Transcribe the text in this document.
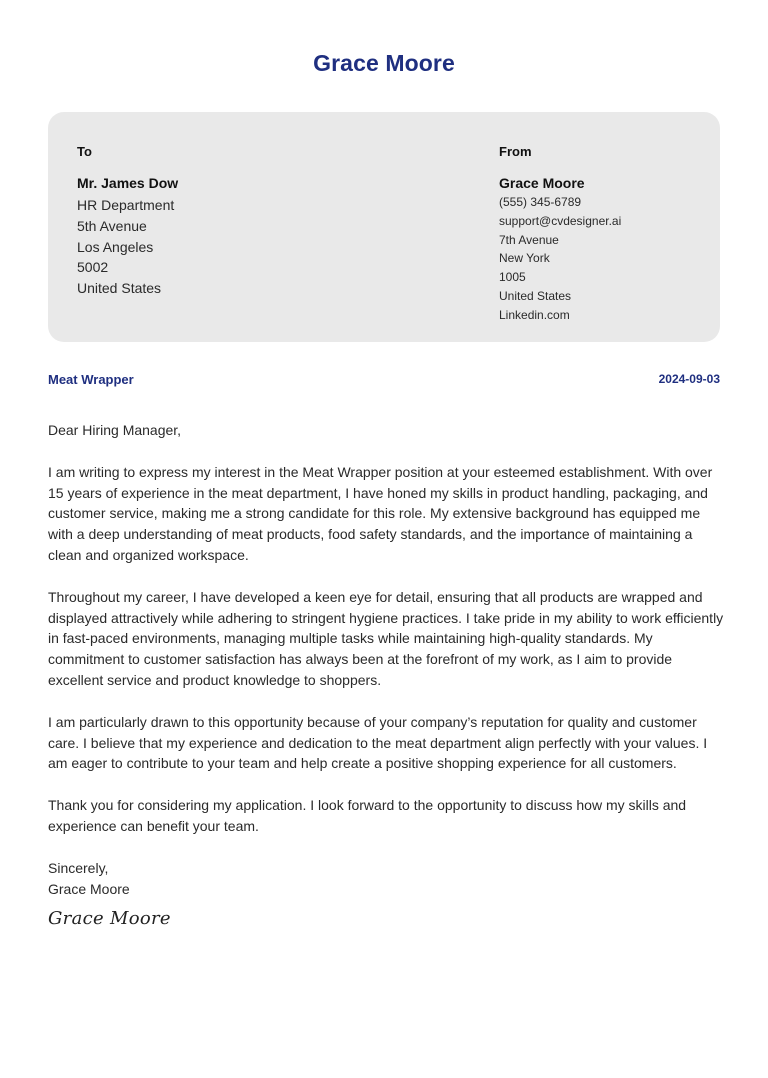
Grace Moore
To
Mr. James Dow
HR Department
5th Avenue
Los Angeles
5002
United States
From
Grace Moore
(555) 345-6789
support@cvdesigner.ai
7th Avenue
New York
1005
United States
Linkedin.com
Meat Wrapper	2024-09-03

Dear Hiring Manager,

I am writing to express my interest in the Meat Wrapper position at your esteemed establishment. With over 15 years of experience in the meat department, I have honed my skills in product handling, packaging, and customer service, making me a strong candidate for this role. My extensive background has equipped me with a deep understanding of meat products, food safety standards, and the importance of maintaining a clean and organized workspace.

Throughout my career, I have developed a keen eye for detail, ensuring that all products are wrapped and displayed attractively while adhering to stringent hygiene practices. I take pride in my ability to work efficiently in fast-paced environments, managing multiple tasks while maintaining high-quality standards. My commitment to customer satisfaction has always been at the forefront of my work, as I aim to provide excellent service and product knowledge to shoppers.

I am particularly drawn to this opportunity because of your company’s reputation for quality and customer care. I believe that my experience and dedication to the meat department align perfectly with your values. I am eager to contribute to your team and help create a positive shopping experience for all customers.

Thank you for considering my application. I look forward to the opportunity to discuss how my skills and experience can benefit your team.

Sincerely,
Grace Moore
Grace Moore
